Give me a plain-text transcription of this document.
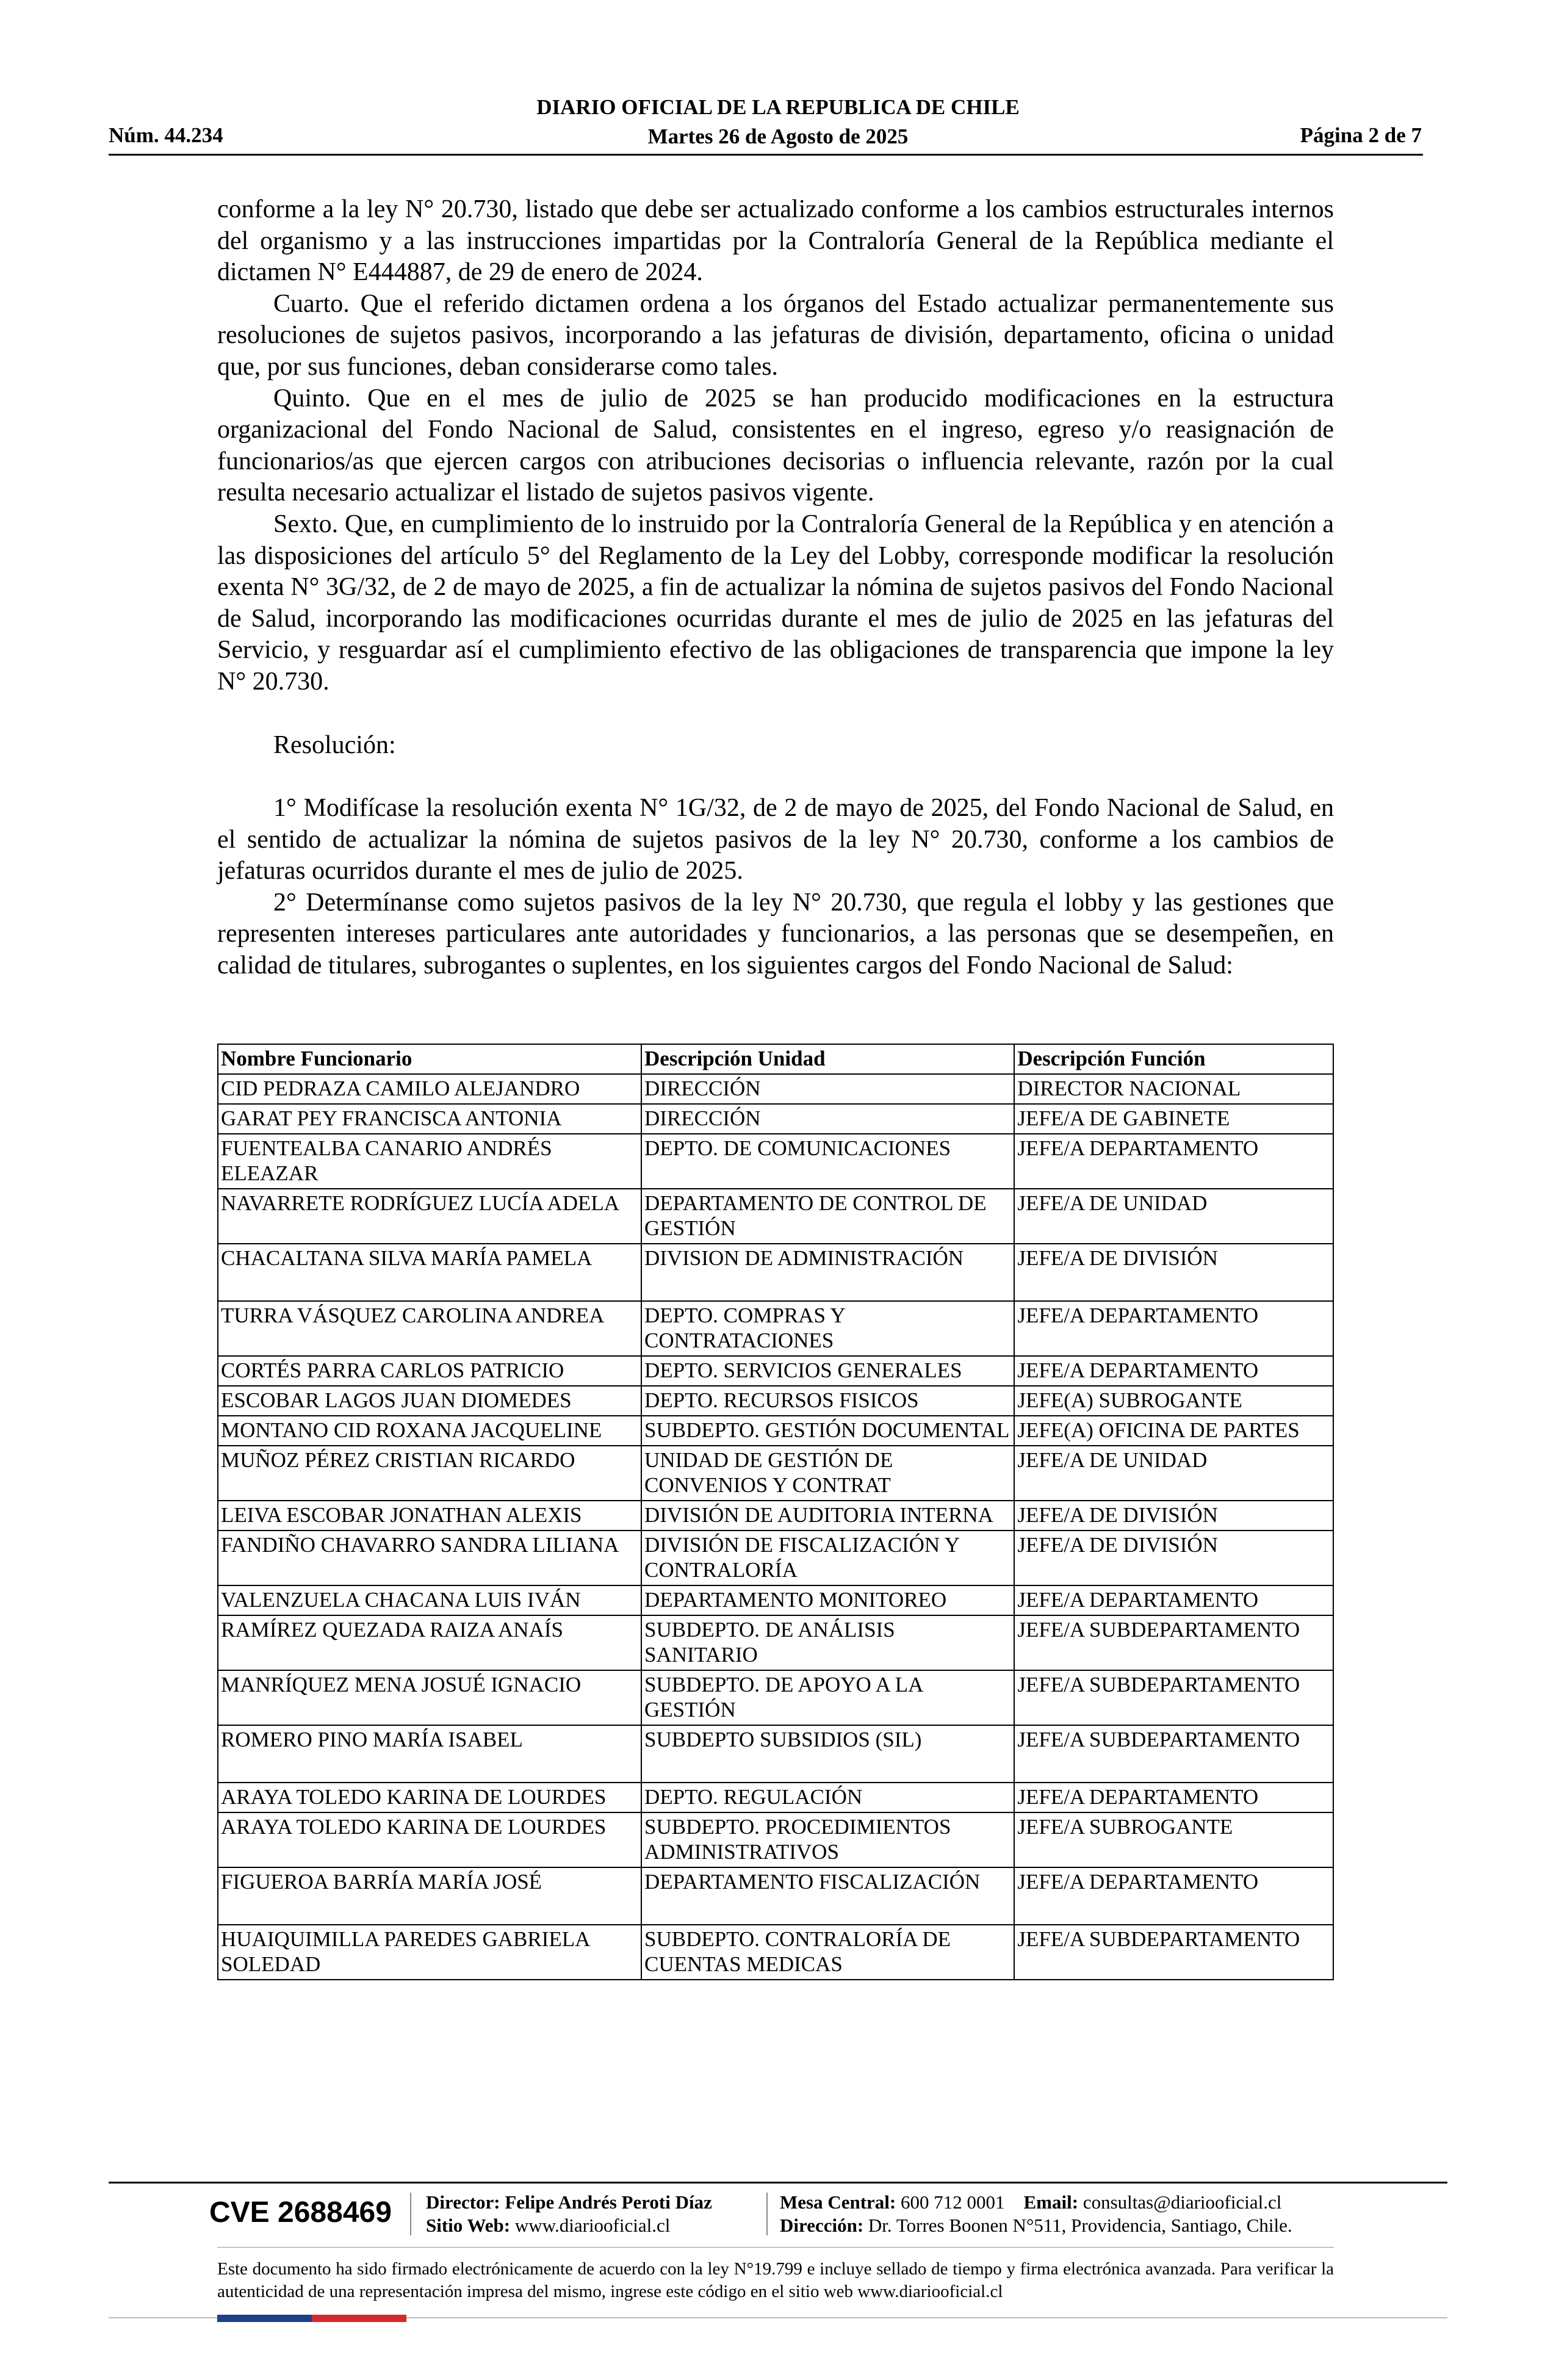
DIARIO OFICIAL DE LA REPUBLICA DE CHILE
Martes 26 de Agosto de 2025
Núm. 44.234	Página 2 de 7

conforme a la ley N° 20.730, listado que debe ser actualizado conforme a los cambios estructurales internos del organismo y a las instrucciones impartidas por la Contraloría General de la República mediante el dictamen N° E444887, de 29 de enero de 2024.

Cuarto. Que el referido dictamen ordena a los órganos del Estado actualizar permanentemente sus resoluciones de sujetos pasivos, incorporando a las jefaturas de división, departamento, oficina o unidad que, por sus funciones, deban considerarse como tales.

Quinto. Que en el mes de julio de 2025 se han producido modificaciones en la estructura organizacional del Fondo Nacional de Salud, consistentes en el ingreso, egreso y/o reasignación de funcionarios/as que ejercen cargos con atribuciones decisorias o influencia relevante, razón por la cual resulta necesario actualizar el listado de sujetos pasivos vigente.

Sexto. Que, en cumplimiento de lo instruido por la Contraloría General de la República y en atención a las disposiciones del artículo 5° del Reglamento de la Ley del Lobby, corresponde modificar la resolución exenta N° 3G/32, de 2 de mayo de 2025, a fin de actualizar la nómina de sujetos pasivos del Fondo Nacional de Salud, incorporando las modificaciones ocurridas durante el mes de julio de 2025 en las jefaturas del Servicio, y resguardar así el cumplimiento efectivo de las obligaciones de transparencia que impone la ley N° 20.730.

Resolución:

1° Modifícase la resolución exenta N° 1G/32, de 2 de mayo de 2025, del Fondo Nacional de Salud, en el sentido de actualizar la nómina de sujetos pasivos de la ley N° 20.730, conforme a los cambios de jefaturas ocurridos durante el mes de julio de 2025.

2° Determínanse como sujetos pasivos de la ley N° 20.730, que regula el lobby y las gestiones que representen intereses particulares ante autoridades y funcionarios, a las personas que se desempeñen, en calidad de titulares, subrogantes o suplentes, en los siguientes cargos del Fondo Nacional de Salud:

Nombre Funcionario	Descripción Unidad	Descripción Función
CID PEDRAZA CAMILO ALEJANDRO	DIRECCIÓN	DIRECTOR NACIONAL
GARAT PEY FRANCISCA ANTONIA	DIRECCIÓN	JEFE/A DE GABINETE
FUENTEALBA CANARIO ANDRÉS ELEAZAR	DEPTO. DE COMUNICACIONES	JEFE/A DEPARTAMENTO
NAVARRETE RODRÍGUEZ LUCÍA ADELA	DEPARTAMENTO DE CONTROL DE GESTIÓN	JEFE/A DE UNIDAD
CHACALTANA SILVA MARÍA PAMELA	DIVISION DE ADMINISTRACIÓN	JEFE/A DE DIVISIÓN
TURRA VÁSQUEZ CAROLINA ANDREA	DEPTO. COMPRAS Y CONTRATACIONES	JEFE/A DEPARTAMENTO
CORTÉS PARRA CARLOS PATRICIO	DEPTO. SERVICIOS GENERALES	JEFE/A DEPARTAMENTO
ESCOBAR LAGOS JUAN DIOMEDES	DEPTO. RECURSOS FISICOS	JEFE(A) SUBROGANTE
MONTANO CID ROXANA JACQUELINE	SUBDEPTO. GESTIÓN DOCUMENTAL	JEFE(A) OFICINA DE PARTES
MUÑOZ PÉREZ CRISTIAN RICARDO	UNIDAD DE GESTIÓN DE CONVENIOS Y CONTRAT	JEFE/A DE UNIDAD
LEIVA ESCOBAR JONATHAN ALEXIS	DIVISIÓN DE AUDITORIA INTERNA	JEFE/A DE DIVISIÓN
FANDIÑO CHAVARRO SANDRA LILIANA	DIVISIÓN DE FISCALIZACIÓN Y CONTRALORÍA	JEFE/A DE DIVISIÓN
VALENZUELA CHACANA LUIS IVÁN	DEPARTAMENTO MONITOREO	JEFE/A DEPARTAMENTO
RAMÍREZ QUEZADA RAIZA ANAÍS	SUBDEPTO. DE ANÁLISIS SANITARIO	JEFE/A SUBDEPARTAMENTO
MANRÍQUEZ MENA JOSUÉ IGNACIO	SUBDEPTO. DE APOYO A LA GESTIÓN	JEFE/A SUBDEPARTAMENTO
ROMERO PINO MARÍA ISABEL	SUBDEPTO SUBSIDIOS (SIL)	JEFE/A SUBDEPARTAMENTO
ARAYA TOLEDO KARINA DE LOURDES	DEPTO. REGULACIÓN	JEFE/A DEPARTAMENTO
ARAYA TOLEDO KARINA DE LOURDES	SUBDEPTO. PROCEDIMIENTOS ADMINISTRATIVOS	JEFE/A SUBROGANTE
FIGUEROA BARRÍA MARÍA JOSÉ	DEPARTAMENTO FISCALIZACIÓN	JEFE/A DEPARTAMENTO
HUAIQUIMILLA PAREDES GABRIELA SOLEDAD	SUBDEPTO. CONTRALORÍA DE CUENTAS MEDICAS	JEFE/A SUBDEPARTAMENTO
CVE 2688469 Director: Felipe Andrés Peroti Díaz
Sitio Web: www.diariooficial.cl
Mesa Central: 600 712 0001 Email: consultas@diariooficial.cl
Dirección: Dr. Torres Boonen N°511, Providencia, Santiago, Chile.
Este documento ha sido firmado electrónicamente de acuerdo con la ley N°19.799 e incluye sellado de tiempo y firma electrónica avanzada. Para verificar la autenticidad de una representación impresa del mismo, ingrese este código en el sitio web www.diariooficial.cl
